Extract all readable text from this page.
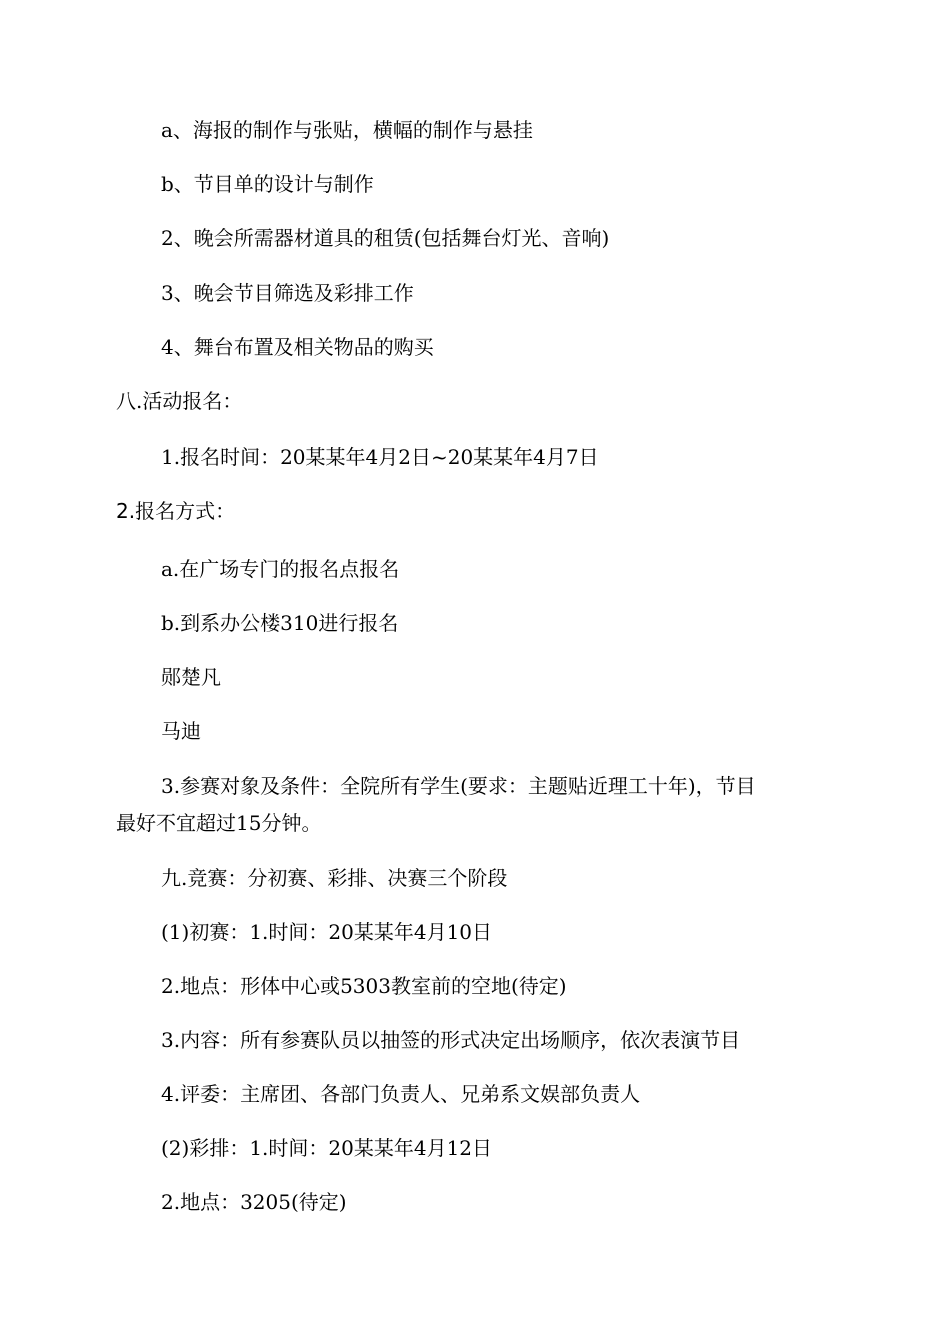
a、海报的制作与张贴，横幅的制作与悬挂
b、节目单的设计与制作
2、晚会所需器材道具的租赁(包括舞台灯光、音响)
3、晚会节目筛选及彩排工作
4、舞台布置及相关物品的购买
八.活动报名：
1.报名时间：20某某年4月2日~20某某年4月7日
2.报名方式：
a.在广场专门的报名点报名
b.到系办公楼310进行报名
郧楚凡
马迪
3.参赛对象及条件：全院所有学生(要求：主题贴近理工十年)，节目
最好不宜超过15分钟。
九.竞赛：分初赛、彩排、决赛三个阶段
(1)初赛：1.时间：20某某年4月10日
2.地点：形体中心或5303教室前的空地(待定)
3.内容：所有参赛队员以抽签的形式决定出场顺序，依次表演节目
4.评委：主席团、各部门负责人、兄弟系文娱部负责人
(2)彩排：1.时间：20某某年4月12日
2.地点：3205(待定)
